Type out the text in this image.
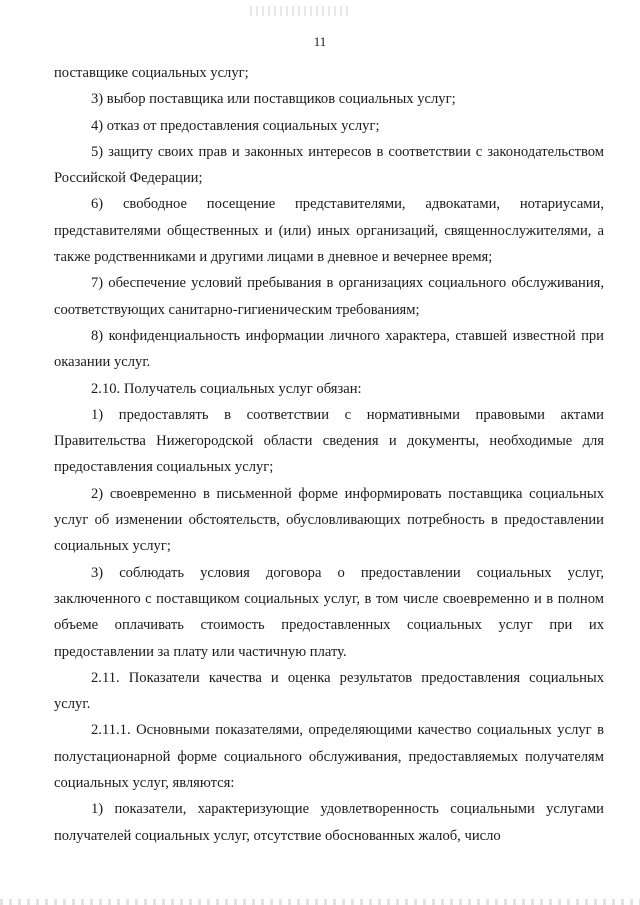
11

поставщике социальных услуг;

3) выбор поставщика или поставщиков социальных услуг;

4) отказ от предоставления социальных услуг;

5) защиту своих прав и законных интересов в соответствии с законодательством Российской Федерации;

6) свободное посещение представителями, адвокатами, нотариусами, представителями общественных и (или) иных организаций, священнослужителями, а также родственниками и другими лицами в дневное и вечернее время;

7) обеспечение условий пребывания в организациях социального обслуживания, соответствующих санитарно-гигиеническим требованиям;

8) конфиденциальность информации личного характера, ставшей известной при оказании услуг.

2.10. Получатель социальных услуг обязан:

1) предоставлять в соответствии с нормативными правовыми актами Правительства Нижегородской области сведения и документы, необходимые для предоставления социальных услуг;

2) своевременно в письменной форме информировать поставщика социальных услуг об изменении обстоятельств, обусловливающих потребность в предоставлении социальных услуг;

3) соблюдать условия договора о предоставлении социальных услуг, заключенного с поставщиком социальных услуг, в том числе своевременно и в полном объеме оплачивать стоимость предоставленных социальных услуг при их предоставлении за плату или частичную плату.

2.11. Показатели качества и оценка результатов предоставления социальных услуг.

2.11.1. Основными показателями, определяющими качество социальных услуг в полустационарной форме социального обслуживания, предоставляемых получателям социальных услуг, являются:

1) показатели, характеризующие удовлетворенность социальными услугами получателей социальных услуг, отсутствие обоснованных жалоб, число
